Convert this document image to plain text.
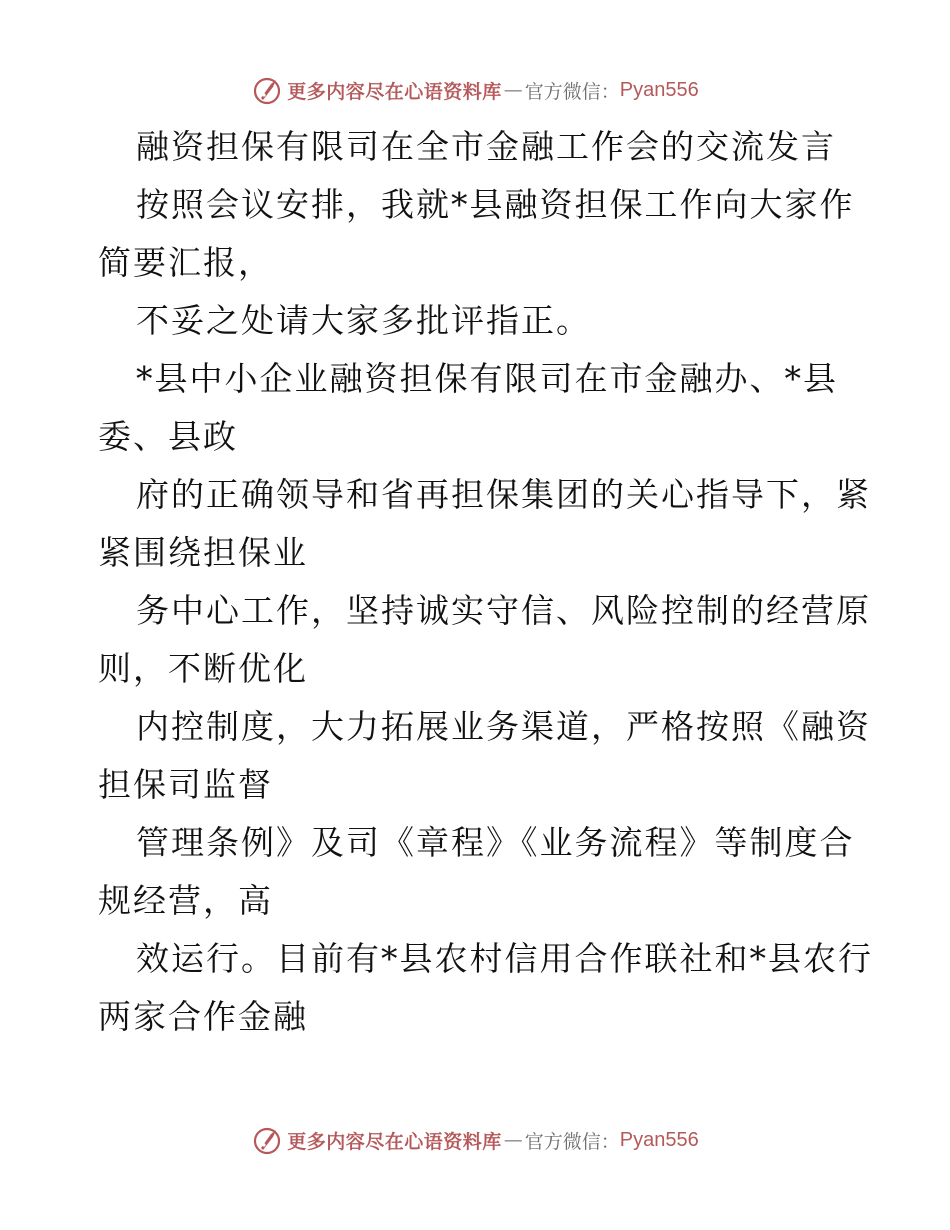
更多内容尽在心语资料库 — 官方微信： Pyan556
融资担保有限司在全市金融工作会的交流发言
按照会议安排，我就*县融资担保工作向大家作
简要汇报，
不妥之处请大家多批评指正。
*县中小企业融资担保有限司在市金融办、*县
委、县政
府的正确领导和省再担保集团的关心指导下，紧
紧围绕担保业
务中心工作，坚持诚实守信、风险控制的经营原
则，不断优化
内控制度，大力拓展业务渠道，严格按照《融资
担保司监督
管理条例》及司《章程》《业务流程》等制度合
规经营，高
效运行。目前有*县农村信用合作联社和*县农行
两家合作金融
更多内容尽在心语资料库 — 官方微信： Pyan556
